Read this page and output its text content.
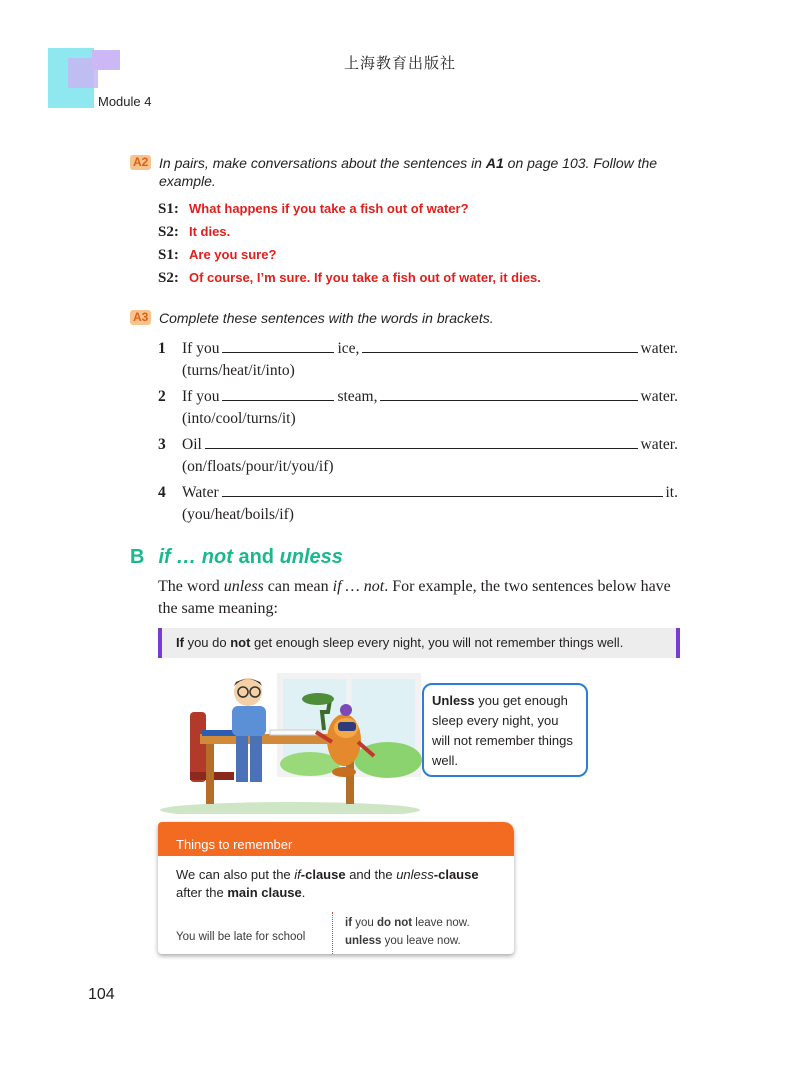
上海教育出版社
Module 4
A2 In pairs, make conversations about the sentences in A1 on page 103. Follow the example.
S1: What happens if you take a fish out of water?
S2: It dies.
S1: Are you sure?
S2: Of course, I’m sure. If you take a fish out of water, it dies.
A3 Complete these sentences with the words in brackets.
1 If you	ice,	water.
(turns/heat/it/into)
2 If you	steam,	water.
(into/cool/turns/it)
3 Oil	water.
(on/floats/pour/it/you/if)
4 Water	it.
(you/heat/boils/if)
B if … not and unless
The word unless can mean if … not. For example, the two sentences below have the same meaning:
If you do not get enough sleep every night, you will not remember things well.
Unless you get enough sleep every night, you will not remember things well.
Things to remember
We can also put the if-clause and the unless-clause after the main clause.
You will be late for school
if you do not leave now.
unless you leave now.
104
